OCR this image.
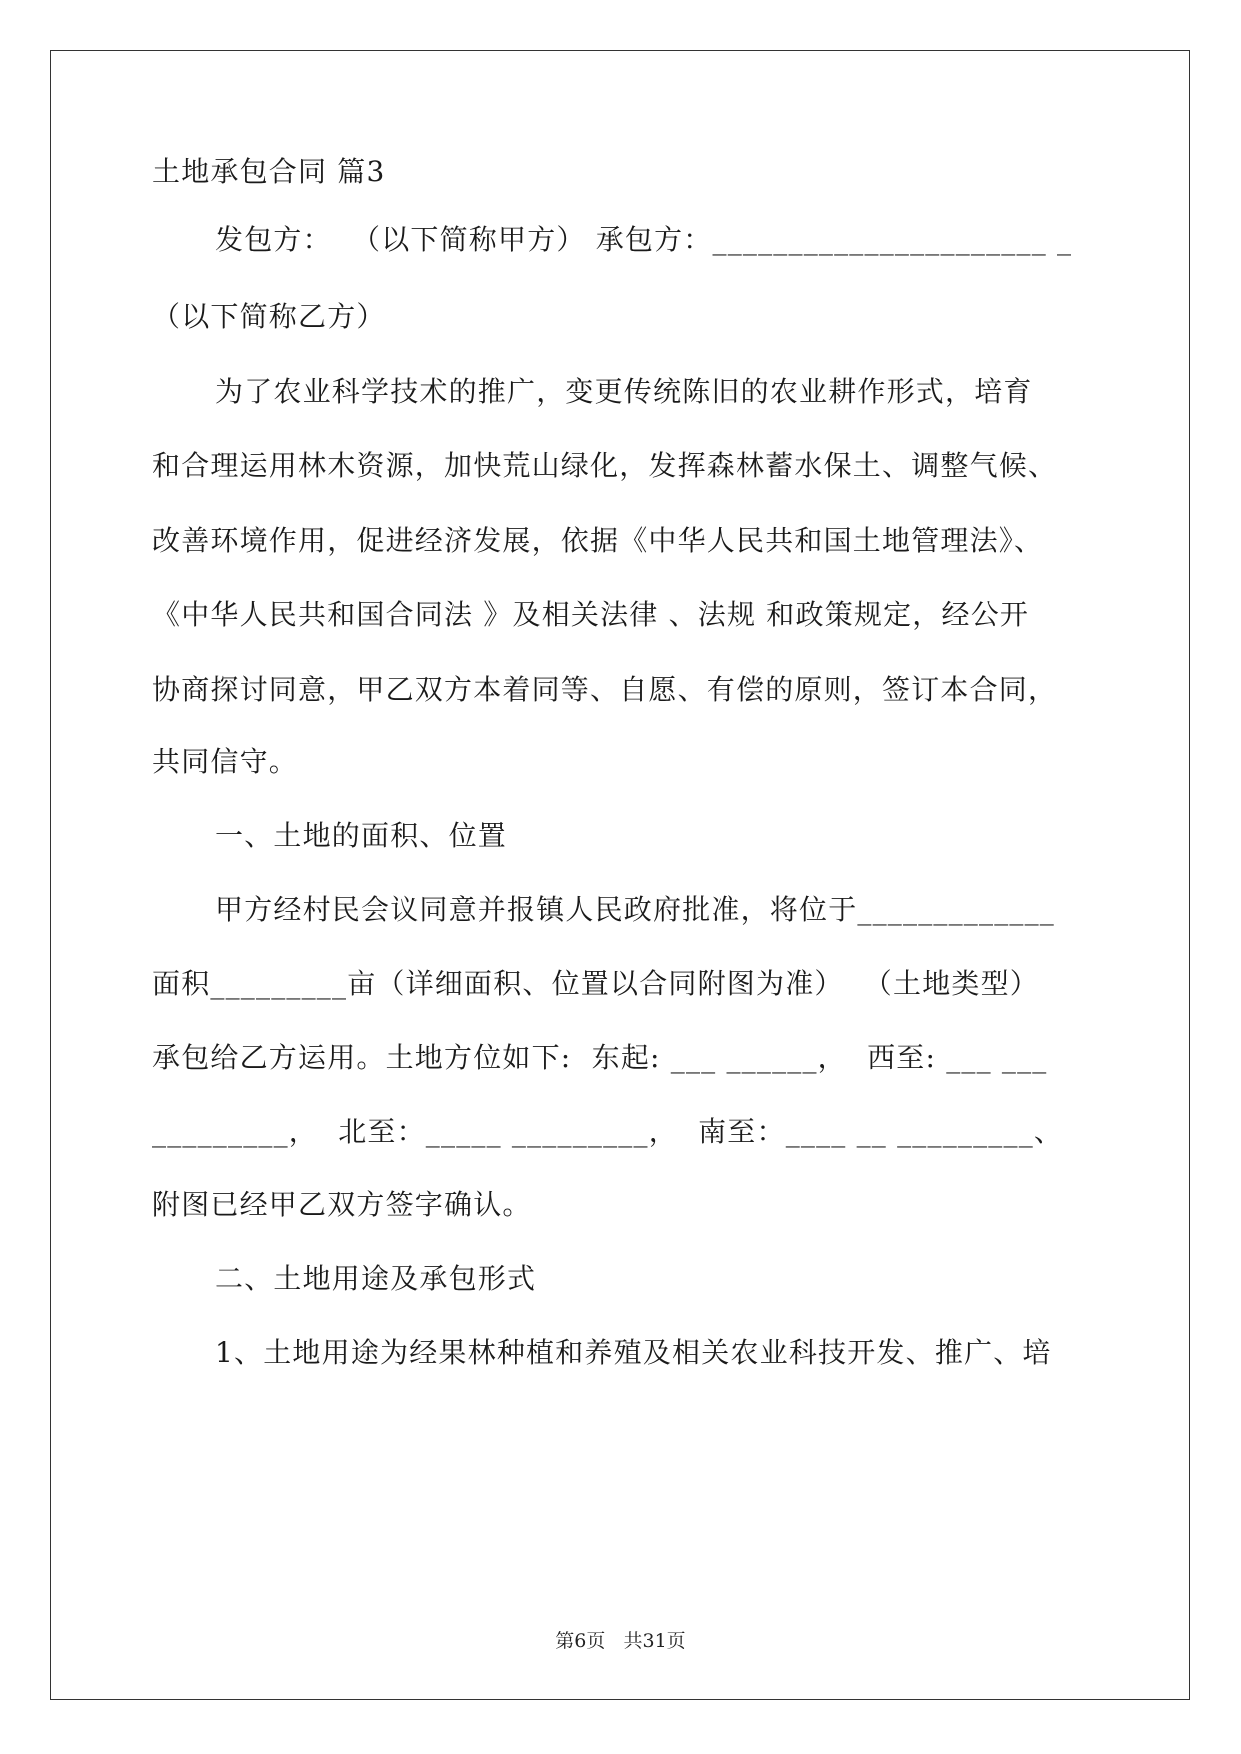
土地承包合同 篇3
发包方：  （以下简称甲方） 承包方：______________________ _
（以下简称乙方）
为了农业科学技术的推广，变更传统陈旧的农业耕作形式，培育
和合理运用林木资源，加快荒山绿化，发挥森林蓄水保土、调整气候、
改善环境作用，促进经济发展，依据《中华人民共和国土地管理法》、
《中华人民共和国合同法 》及相关法律 、法规 和政策规定，经公开
协商探讨同意，甲乙双方本着同等、自愿、有偿的原则，签订本合同，
共同信守。
一、土地的面积、位置
甲方经村民会议同意并报镇人民政府批准，将位于_____________
面积_________亩（详细面积、位置以合同附图为准）  （土地类型）
承包给乙方运用。土地方位如下:  东起: ___ ______，  西至: ___ ___
_________，  北至：_____ _________，  南至：____ __ _________、
附图已经甲乙双方签字确认。
二、土地用途及承包形式
1、土地用途为经果林种植和养殖及相关农业科技开发、推广、培
第6页   共31页
